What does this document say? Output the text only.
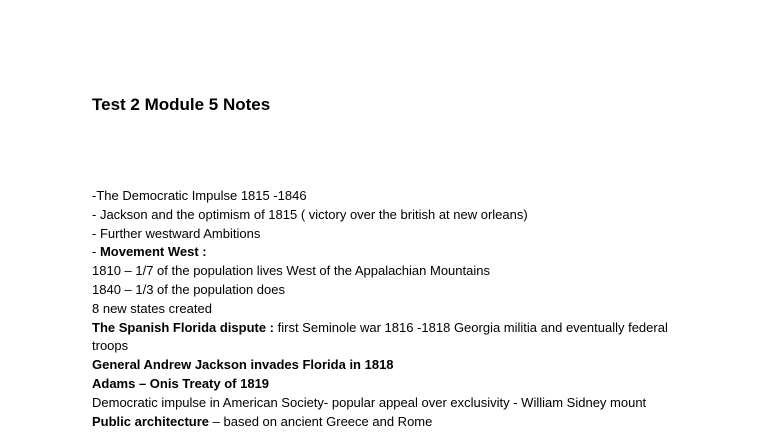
Test 2 Module 5 Notes
-The Democratic Impulse 1815 -1846
- Jackson and the optimism of 1815 ( victory over the british at new orleans)
- Further westward Ambitions
- Movement West :
1810 – 1/7 of the population lives West of the Appalachian Mountains
1840 – 1/3 of the population does
8 new states created
The Spanish Florida dispute : first Seminole war 1816 -1818 Georgia militia and eventually federal troops
General Andrew Jackson invades Florida in 1818
Adams – Onis Treaty of 1819
Democratic impulse in American Society- popular appeal over exclusivity - William Sidney mount
Public architecture – based on ancient Greece and Rome
